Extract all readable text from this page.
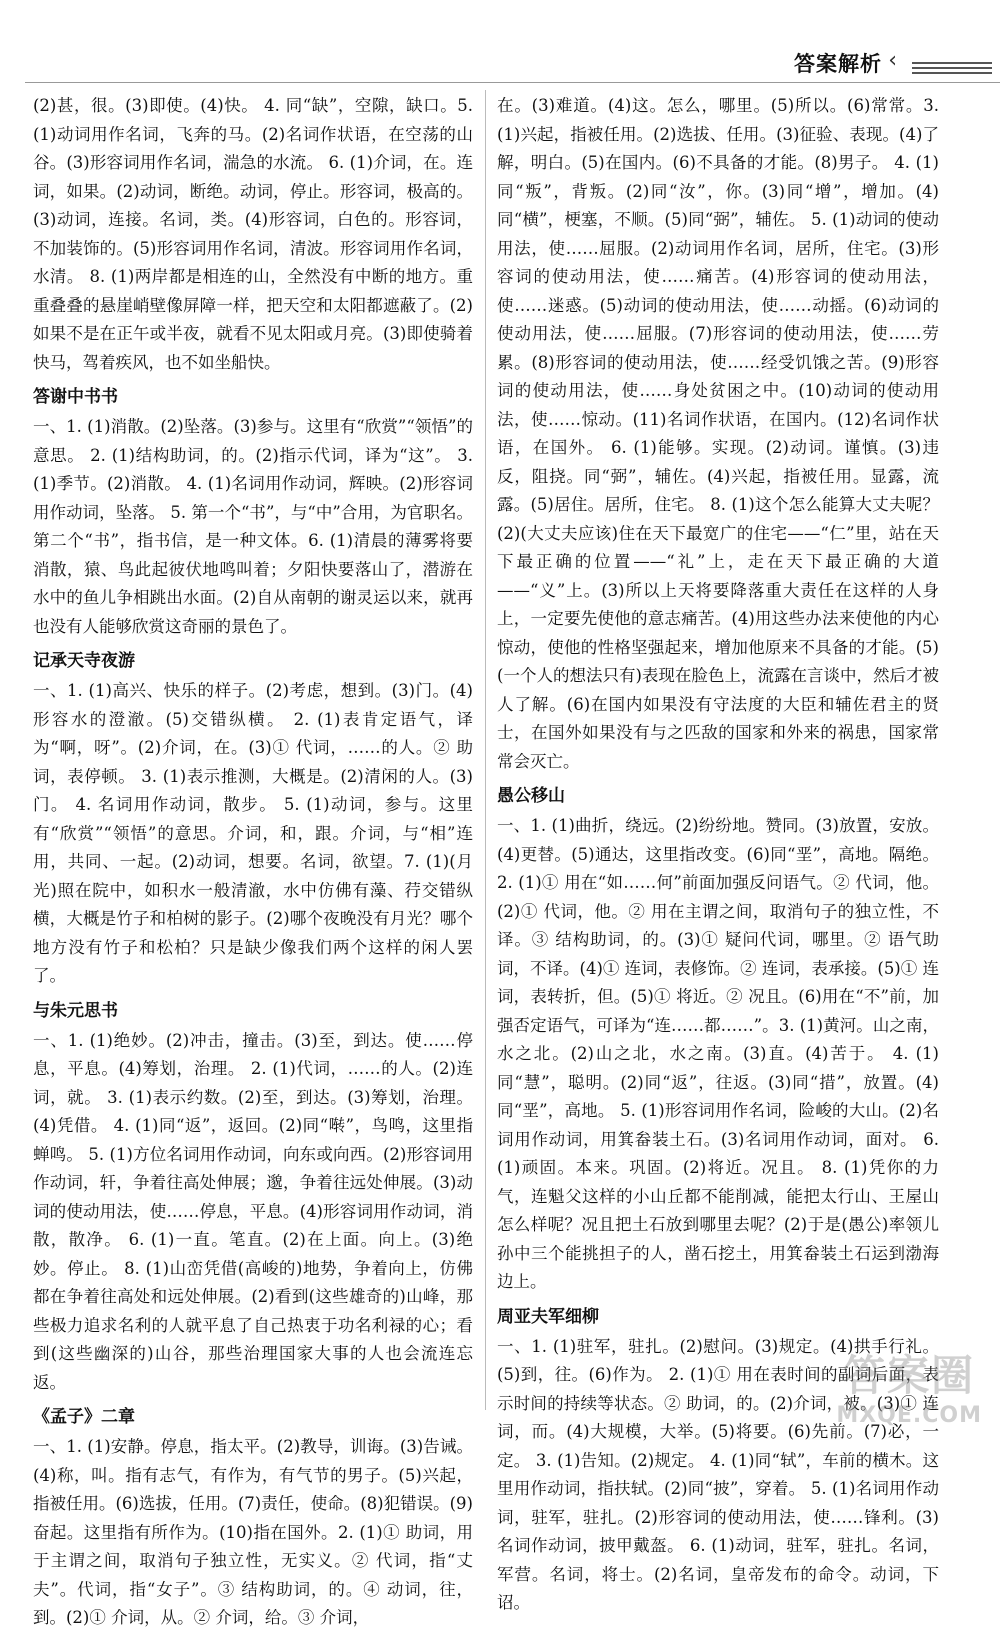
答案解析 ‹

(2)甚，很。(3)即使。(4)快。 4. 同“缺”，空隙，缺口。5. (1)动词用作名词，飞奔的马。(2)名词作状语，在空荡的山谷。(3)形容词用作名词，湍急的水流。 6. (1)介词，在。连词，如果。(2)动词，断绝。动词，停止。形容词，极高的。(3)动词，连接。名词，类。(4)形容词，白色的。形容词，不加装饰的。(5)形容词用作名词，清波。形容词用作名词，水清。 8. (1)两岸都是相连的山，全然没有中断的地方。重重叠叠的悬崖峭壁像屏障一样，把天空和太阳都遮蔽了。(2)如果不是在正午或半夜，就看不见太阳或月亮。(3)即使骑着快马，驾着疾风，也不如坐船快。

答谢中书书

一、1. (1)消散。(2)坠落。(3)参与。这里有“欣赏”“领悟”的意思。 2. (1)结构助词，的。(2)指示代词，译为“这”。 3. (1)季节。(2)消散。 4. (1)名词用作动词，辉映。(2)形容词用作动词，坠落。 5. 第一个“书”，与“中”合用，为官职名。第二个“书”，指书信，是一种文体。6. (1)清晨的薄雾将要消散，猿、鸟此起彼伏地鸣叫着；夕阳快要落山了，潜游在水中的鱼儿争相跳出水面。(2)自从南朝的谢灵运以来，就再也没有人能够欣赏这奇丽的景色了。

记承天寺夜游

一、1. (1)高兴、快乐的样子。(2)考虑，想到。(3)门。(4)形容水的澄澈。(5)交错纵横。 2. (1)表肯定语气，译为“啊，呀”。(2)介词，在。(3)① 代词，……的人。② 助词，表停顿。 3. (1)表示推测，大概是。(2)清闲的人。(3)门。 4. 名词用作动词，散步。 5. (1)动词，参与。这里有“欣赏”“领悟”的意思。介词，和，跟。介词，与“相”连用，共同、一起。(2)动词，想要。名词，欲望。7. (1)(月光)照在院中，如积水一般清澈，水中仿佛有藻、荇交错纵横，大概是竹子和柏树的影子。(2)哪个夜晚没有月光？哪个地方没有竹子和松柏？只是缺少像我们两个这样的闲人罢了。

与朱元思书

一、1. (1)绝妙。(2)冲击，撞击。(3)至，到达。使……停息，平息。(4)筹划，治理。 2. (1)代词，……的人。(2)连词，就。 3. (1)表示约数。(2)至，到达。(3)筹划，治理。(4)凭借。 4. (1)同“返”，返回。(2)同“啭”，鸟鸣，这里指蝉鸣。 5. (1)方位名词用作动词，向东或向西。(2)形容词用作动词，轩，争着往高处伸展；邈，争着往远处伸展。(3)动词的使动用法，使……停息，平息。(4)形容词用作动词，消散，散净。 6. (1)一直。笔直。(2)在上面。向上。(3)绝妙。停止。 8. (1)山峦凭借(高峻的)地势，争着向上，仿佛都在争着往高处和远处伸展。(2)看到(这些雄奇的)山峰，那些极力追求名利的人就平息了自己热衷于功名利禄的心；看到(这些幽深的)山谷，那些治理国家大事的人也会流连忘返。

《孟子》二章

一、1. (1)安静。停息，指太平。(2)教导，训诲。(3)告诫。(4)称，叫。指有志气，有作为，有气节的男子。(5)兴起，指被任用。(6)选拔，任用。(7)责任，使命。(8)犯错误。(9)奋起。这里指有所作为。(10)指在国外。2. (1)① 助词，用于主谓之间，取消句子独立性，无实义。② 代词，指“丈夫”。代词，指“女子”。③ 结构助词，的。④ 动词，往，到。(2)① 介词，从。② 介词，给。③ 介词，

在。(3)难道。(4)这。怎么，哪里。(5)所以。(6)常常。3. (1)兴起，指被任用。(2)选拔、任用。(3)征验、表现。(4)了解，明白。(5)在国内。(6)不具备的才能。(8)男子。 4. (1)同“叛”，背叛。(2)同“汝”，你。(3)同“增”，增加。(4)同“横”，梗塞，不顺。(5)同“弼”，辅佐。 5. (1)动词的使动用法，使……屈服。(2)动词用作名词，居所，住宅。(3)形容词的使动用法，使……痛苦。(4)形容词的使动用法，使……迷惑。(5)动词的使动用法，使……动摇。(6)动词的使动用法，使……屈服。(7)形容词的使动用法，使……劳累。(8)形容词的使动用法，使……经受饥饿之苦。(9)形容词的使动用法，使……身处贫困之中。(10)动词的使动用法，使……惊动。(11)名词作状语，在国内。(12)名词作状语，在国外。 6. (1)能够。实现。(2)动词。谨慎。(3)违反，阻挠。同“弼”，辅佐。(4)兴起，指被任用。显露，流露。(5)居住。居所，住宅。 8. (1)这个怎么能算大丈夫呢？(2)(大丈夫应该)住在天下最宽广的住宅——“仁”里，站在天下最正确的位置——“礼”上，走在天下最正确的大道——“义”上。(3)所以上天将要降落重大责任在这样的人身上，一定要先使他的意志痛苦。(4)用这些办法来使他的内心惊动，使他的性格坚强起来，增加他原来不具备的才能。(5)(一个人的想法只有)表现在脸色上，流露在言谈中，然后才被人了解。(6)在国内如果没有守法度的大臣和辅佐君主的贤士，在国外如果没有与之匹敌的国家和外来的祸患，国家常常会灭亡。

愚公移山

一、1. (1)曲折，绕远。(2)纷纷地。赞同。(3)放置，安放。(4)更替。(5)通达，这里指改变。(6)同“垩”，高地。隔绝。 2. (1)① 用在“如……何”前面加强反问语气。② 代词，他。(2)① 代词，他。② 用在主谓之间，取消句子的独立性，不译。③ 结构助词，的。(3)① 疑问代词，哪里。② 语气助词，不译。(4)① 连词，表修饰。② 连词，表承接。(5)① 连词，表转折，但。(5)① 将近。② 况且。(6)用在“不”前，加强否定语气，可译为“连……都……”。3. (1)黄河。山之南，水之北。(2)山之北，水之南。(3)直。(4)苦于。 4. (1)同“慧”，聪明。(2)同“返”，往返。(3)同“措”，放置。(4)同“垩”，高地。 5. (1)形容词用作名词，险峻的大山。(2)名词用作动词，用箕畚装土石。(3)名词用作动词，面对。 6. (1)顽固。本来。巩固。(2)将近。况且。 8. (1)凭你的力气，连魁父这样的小山丘都不能削减，能把太行山、王屋山怎么样呢？况且把土石放到哪里去呢？(2)于是(愚公)率领儿孙中三个能挑担子的人，凿石挖土，用箕畚装土石运到渤海边上。

周亚夫军细柳

一、1. (1)驻军，驻扎。(2)慰问。(3)规定。(4)拱手行礼。(5)到，往。(6)作为。 2. (1)① 用在表时间的副词后面，表示时间的持续等状态。② 助词，的。(2)介词，被。(3)① 连词，而。(4)大规模，大举。(5)将要。(6)先前。(7)必，一定。 3. (1)告知。(2)规定。 4. (1)同“轼”，车前的横木。这里用作动词，指扶轼。(2)同“披”，穿着。 5. (1)名词用作动词，驻军，驻扎。(2)形容词的使动用法，使……锋利。(3)名词作动词，披甲戴盔。 6. (1)动词，驻军，驻扎。名词，军营。名词，将士。(2)名词，皇帝发布的命令。动词，下诏。

答案圈
MXQE.COM
